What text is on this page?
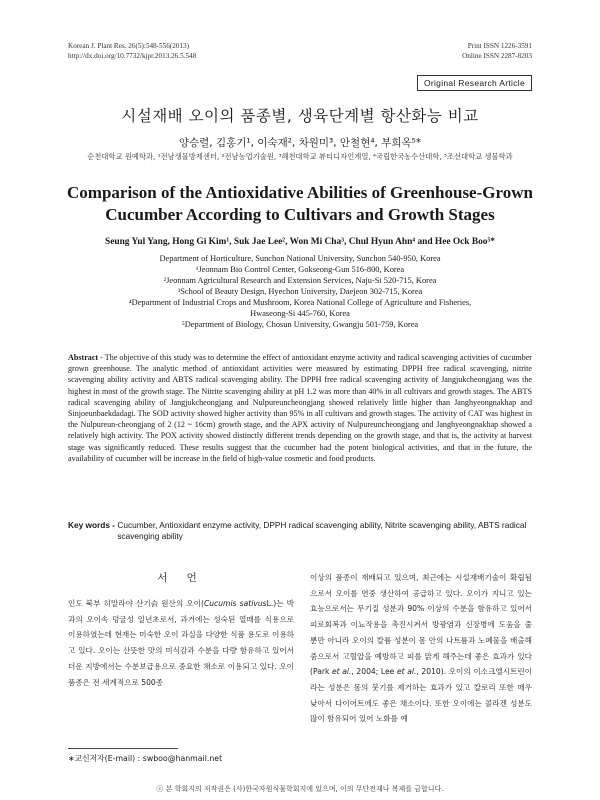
Korean J. Plant Res. 26(5):548-556(2013)
http://dx.doi.org/10.7732/kjpr.2013.26.5.548
Print ISSN 1226-3591
Online ISSN 2287-8203
Original Research Article
시설재배 오이의 품종별, 생육단계별 항산화능 비교
양승렬, 김홍기¹, 이숙재², 차원미³, 안철현⁴, 부희옥⁵*
순천대학교 원예학과, ¹전남생물방제센터, ²전남농업기술원, ³혜천대학교 뷰티디자인계열, ⁴국립한국농수산대학, ⁵조선대학교 생물학과
Comparison of the Antioxidative Abilities of Greenhouse-Grown
Cucumber According to Cultivars and Growth Stages
Seung Yul Yang, Hong Gi Kim¹, Suk Jae Lee², Won Mi Cha³, Chul Hyun Ahn⁴ and Hee Ock Boo⁵*
Department of Horticulture, Sunchon National University, Sunchon 540-950, Korea
¹Jeonnam Bio Control Center, Gokseong-Gun 516-800, Korea
²Jeonnam Agricultural Research and Extension Services, Naju-Si 520-715, Korea
³School of Beauty Design, Hyechon University, Daejeon 302-715, Korea
⁴Department of Industrial Crops and Mushroom, Korea National College of Agriculture and Fisheries,
Hwaseong-Si 445-760, Korea
⁵Department of Biology, Chosun University, Gwangju 501-759, Korea
Abstract - The objective of this study was to determine the effect of antioxidant enzyme activity and radical scavenging activities of cucumber grown greenhouse. The analytic method of antioxidant activities were measured by estimating DPPH free radical scavenging, nitrite scavenging ability activity and ABTS radical scavenging ability. The DPPH free radical scavenging activity of Jangjukcheongjang was the highest in most of the growth stage. The Nitrite scavenging ability at pH 1.2 was more than 40% in all cultivars and growth stages. The ABTS radical scavenging ability of Jangjukcheongjang and Nulpureuncheongjang showed relatively little higher than Janghyeongnakhap and Sinjoeunbaekdadagi. The SOD activity showed higher activity than 95% in all cultivars and growth stages. The activity of CAT was highest in the Nulpureun-cheongjang of 2 (12 ~ 16cm) growth stage, and the APX activity of Nulpureuncheongjang and Janghyeongnakhap showed a relatively high activity. The POX activity showed distinctly different trends depending on the growth stage, and that is, the activity at harvest stage was significantly reduced. These results suggest that the cucumber had the potent biological activities, and that in the future, the availability of cucumber will be increase in the field of high-value cosmetic and food products.
Key words - Cucumber, Antioxidant enzyme activity, DPPH radical scavenging ability, Nitrite scavenging ability, ABTS radical scavenging ability
서 언

인도 북부 히말라야 산기슭 원산의 오이(Cucumis sativusL.)는 박과의 오이속 덩굴성 일년초로서, 과거에는 성숙된 열매를 식용으로 이용하였는데 현재는 미숙한 오이 과실을 다양한 식품 용도로 이용하고 있다. 오이는 산뜻한 맛의 미식감과 수분을 다량 함유하고 있어서 더운 지방에서는 수분보급용으로 중요한 채소로 이용되고 있다. 오이 품종은 전 세계적으로 500종

∗교신저자(E-mail) : swboo@hanmail.net

이상의 품종이 재배되고 있으며, 최근에는 시설재배기술이 확립됨으로서 오이를 연중 생산하여 공급하고 있다. 오이가 지니고 있는 효능으로서는 무기질 성분과 90% 이상의 수분을 함유하고 있어서 피로회복과 이뇨작용을 촉진시켜서 방광염과 신장병에 도움을 줄 뿐만 아니라 오이의 칼륨 성분이 몸 안의 나트륨과 노폐물을 배출해줌으로서 고혈압을 예방하고 피를 맑게 해주는데 좋은 효과가 있다(Park et al., 2004; Lee et al., 2010). 오이의 이소크엘시트린이라는 성분은 몸의 붓기를 제거하는 효과가 있고 칼로리 또한 매우 낮아서 다이어트에도 좋은 채소이다. 또한 오이에는 콜라겐 성분도 많이 함유되어 있어 노화를 예

ⓒ 본 학회지의 저작권은 (사)한국자원식물학회지에 있으며, 이의 무단전재나 복제를 금합니다.
